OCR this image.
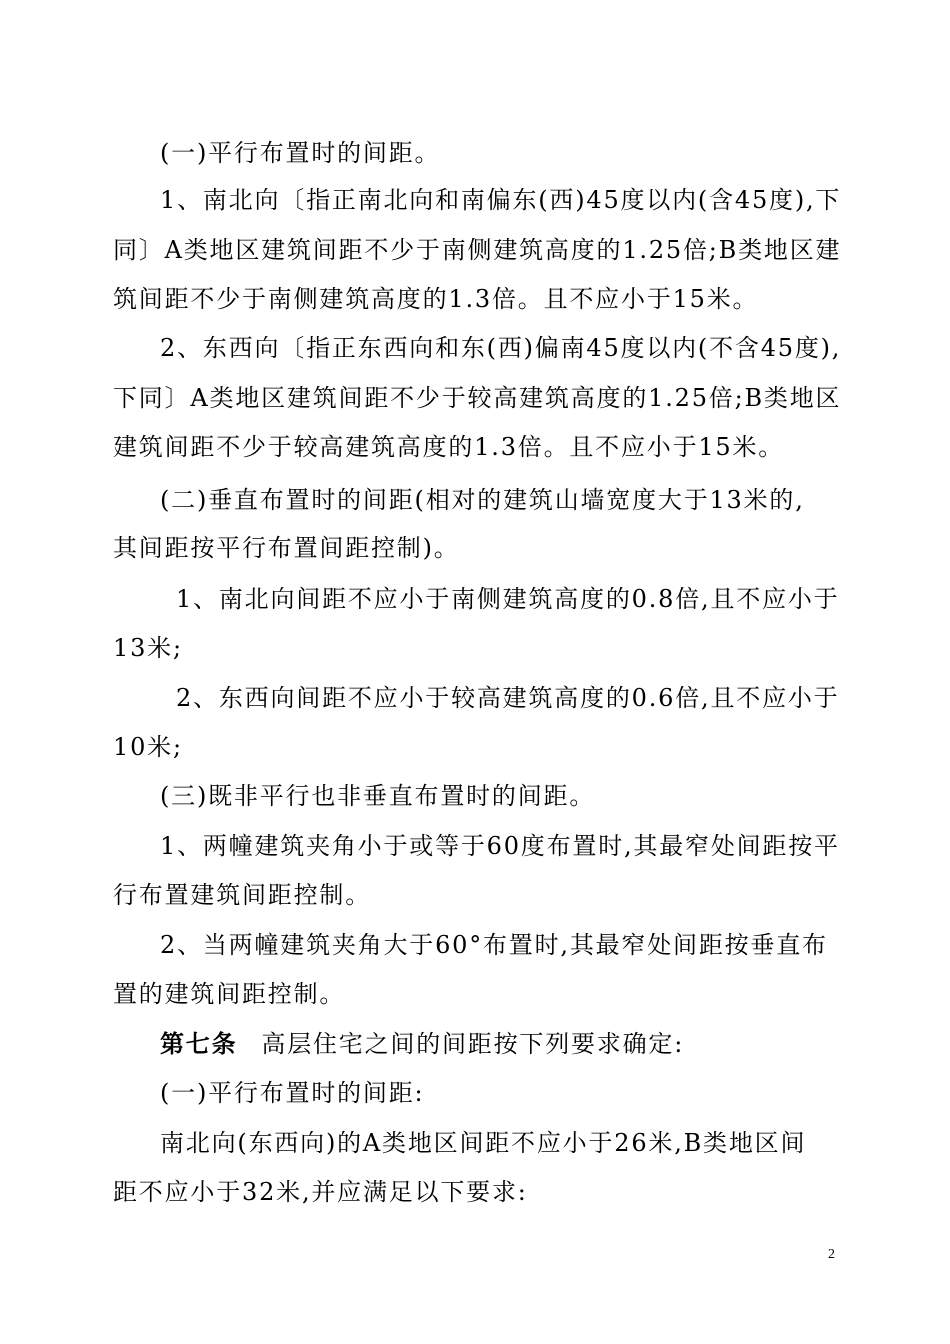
(一)平行布置时的间距。
1、南北向〔指正南北向和南偏东(西)45度以内(含45度),下
同〕A类地区建筑间距不少于南侧建筑高度的1.25倍;B类地区建
筑间距不少于南侧建筑高度的1.3倍。且不应小于15米。
2、东西向〔指正东西向和东(西)偏南45度以内(不含45度),
下同〕A类地区建筑间距不少于较高建筑高度的1.25倍;B类地区
建筑间距不少于较高建筑高度的1.3倍。且不应小于15米。
(二)垂直布置时的间距(相对的建筑山墙宽度大于13米的,
其间距按平行布置间距控制)。
1、南北向间距不应小于南侧建筑高度的0.8倍,且不应小于
13米;
2、东西向间距不应小于较高建筑高度的0.6倍,且不应小于
10米;
(三)既非平行也非垂直布置时的间距。
1、两幢建筑夹角小于或等于60度布置时,其最窄处间距按平
行布置建筑间距控制。
2、当两幢建筑夹角大于60°布置时,其最窄处间距按垂直布
置的建筑间距控制。
第七条 高层住宅之间的间距按下列要求确定:
(一)平行布置时的间距:
南北向(东西向)的A类地区间距不应小于26米,B类地区间
距不应小于32米,并应满足以下要求:
2
